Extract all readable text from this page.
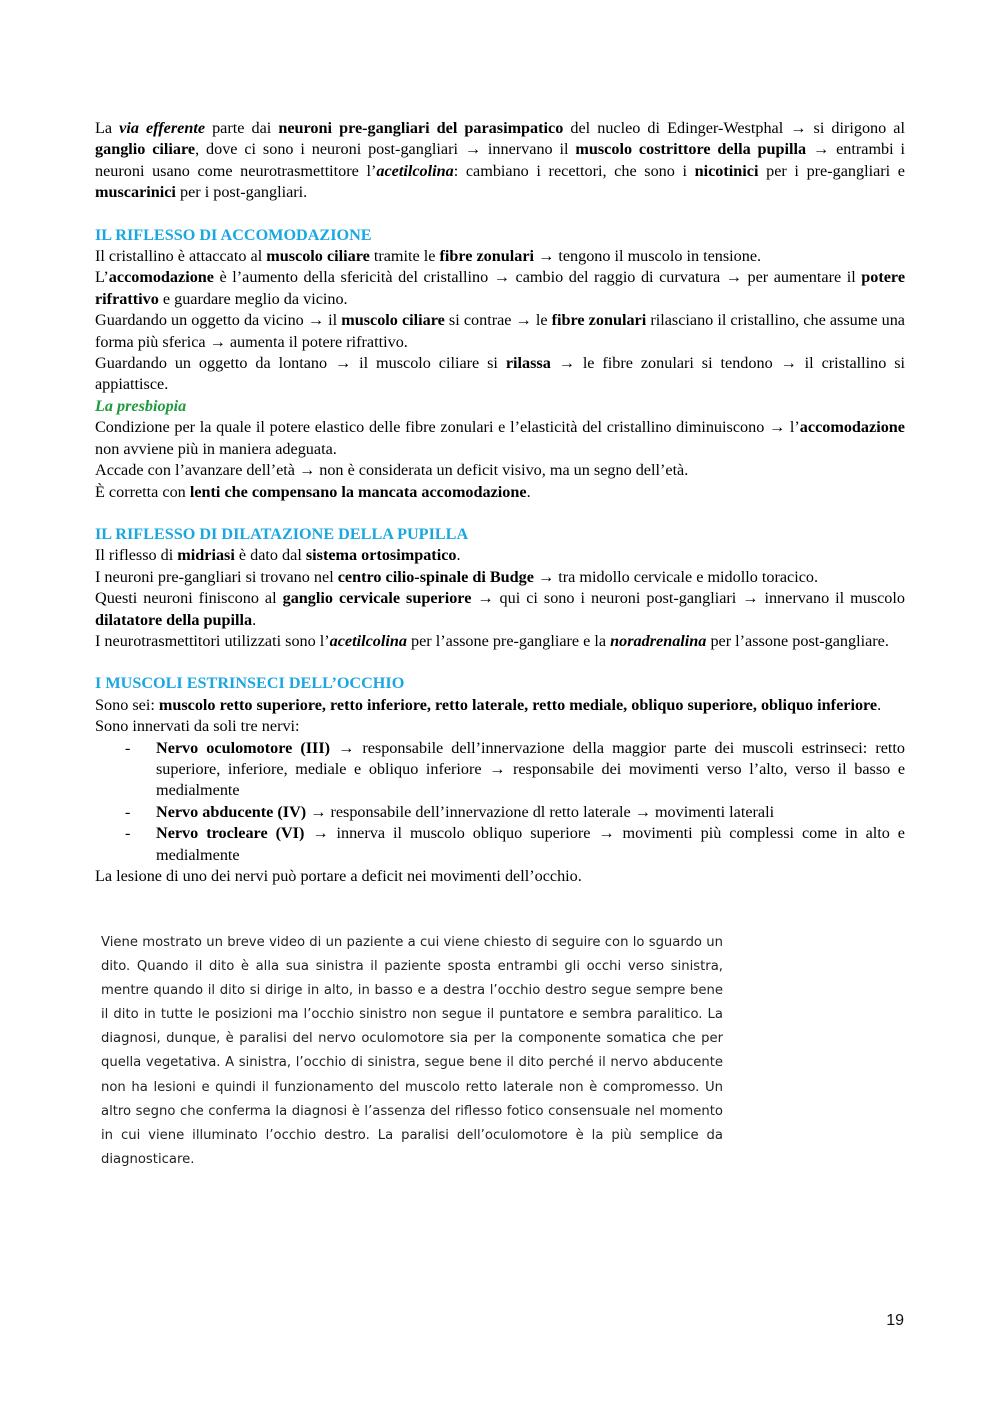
La via efferente parte dai neuroni pre-gangliari del parasimpatico del nucleo di Edinger-Westphal → si dirigono al ganglio ciliare, dove ci sono i neuroni post-gangliari → innervano il muscolo costrittore della pupilla → entrambi i neuroni usano come neurotrasmettitore l’acetilcolina: cambiano i recettori, che sono i nicotinici per i pre-gangliari e muscarinici per i post-gangliari.

IL RIFLESSO DI ACCOMODAZIONE

Il cristallino è attaccato al muscolo ciliare tramite le fibre zonulari → tengono il muscolo in tensione.

L’accomodazione è l’aumento della sfericità del cristallino → cambio del raggio di curvatura → per aumentare il potere rifrattivo e guardare meglio da vicino.

Guardando un oggetto da vicino → il muscolo ciliare si contrae → le fibre zonulari rilasciano il cristallino, che assume una forma più sferica → aumenta il potere rifrattivo.

Guardando un oggetto da lontano → il muscolo ciliare si rilassa → le fibre zonulari si tendono → il cristallino si appiattisce.

La presbiopia

Condizione per la quale il potere elastico delle fibre zonulari e l’elasticità del cristallino diminuiscono → l’accomodazione non avviene più in maniera adeguata.

Accade con l’avanzare dell’età → non è considerata un deficit visivo, ma un segno dell’età.

È corretta con lenti che compensano la mancata accomodazione.

IL RIFLESSO DI DILATAZIONE DELLA PUPILLA

Il riflesso di midriasi è dato dal sistema ortosimpatico.

I neuroni pre-gangliari si trovano nel centro cilio-spinale di Budge → tra midollo cervicale e midollo toracico.

Questi neuroni finiscono al ganglio cervicale superiore → qui ci sono i neuroni post-gangliari → innervano il muscolo dilatatore della pupilla.

I neurotrasmettitori utilizzati sono l’acetilcolina per l’assone pre-gangliare e la noradrenalina per l’assone post-gangliare.

I MUSCOLI ESTRINSECI DELL’OCCHIO

Sono sei: muscolo retto superiore, retto inferiore, retto laterale, retto mediale, obliquo superiore, obliquo inferiore.

Sono innervati da soli tre nervi:

- Nervo oculomotore (III) → responsabile dell’innervazione della maggior parte dei muscoli estrinseci: retto superiore, inferiore, mediale e obliquo inferiore → responsabile dei movimenti verso l’alto, verso il basso e medialmente
- Nervo abducente (IV) → responsabile dell’innervazione dl retto laterale → movimenti laterali
- Nervo trocleare (VI) → innerva il muscolo obliquo superiore → movimenti più complessi come in alto e medialmente

La lesione di uno dei nervi può portare a deficit nei movimenti dell’occhio.

Viene mostrato un breve video di un paziente a cui viene chiesto di seguire con lo sguardo un dito. Quando il dito è alla sua sinistra il paziente sposta entrambi gli occhi verso sinistra, mentre quando il dito si dirige in alto, in basso e a destra l’occhio destro segue sempre bene il dito in tutte le posizioni ma l’occhio sinistro non segue il puntatore e sembra paralitico. La diagnosi, dunque, è paralisi del nervo oculomotore sia per la componente somatica che per quella vegetativa. A sinistra, l’occhio di sinistra, segue bene il dito perché il nervo abducente non ha lesioni e quindi il funzionamento del muscolo retto laterale non è compromesso. Un altro segno che conferma la diagnosi è l’assenza del riflesso fotico consensuale nel momento in cui viene illuminato l’occhio destro. La paralisi dell’oculomotore è la più semplice da diagnosticare.
19
